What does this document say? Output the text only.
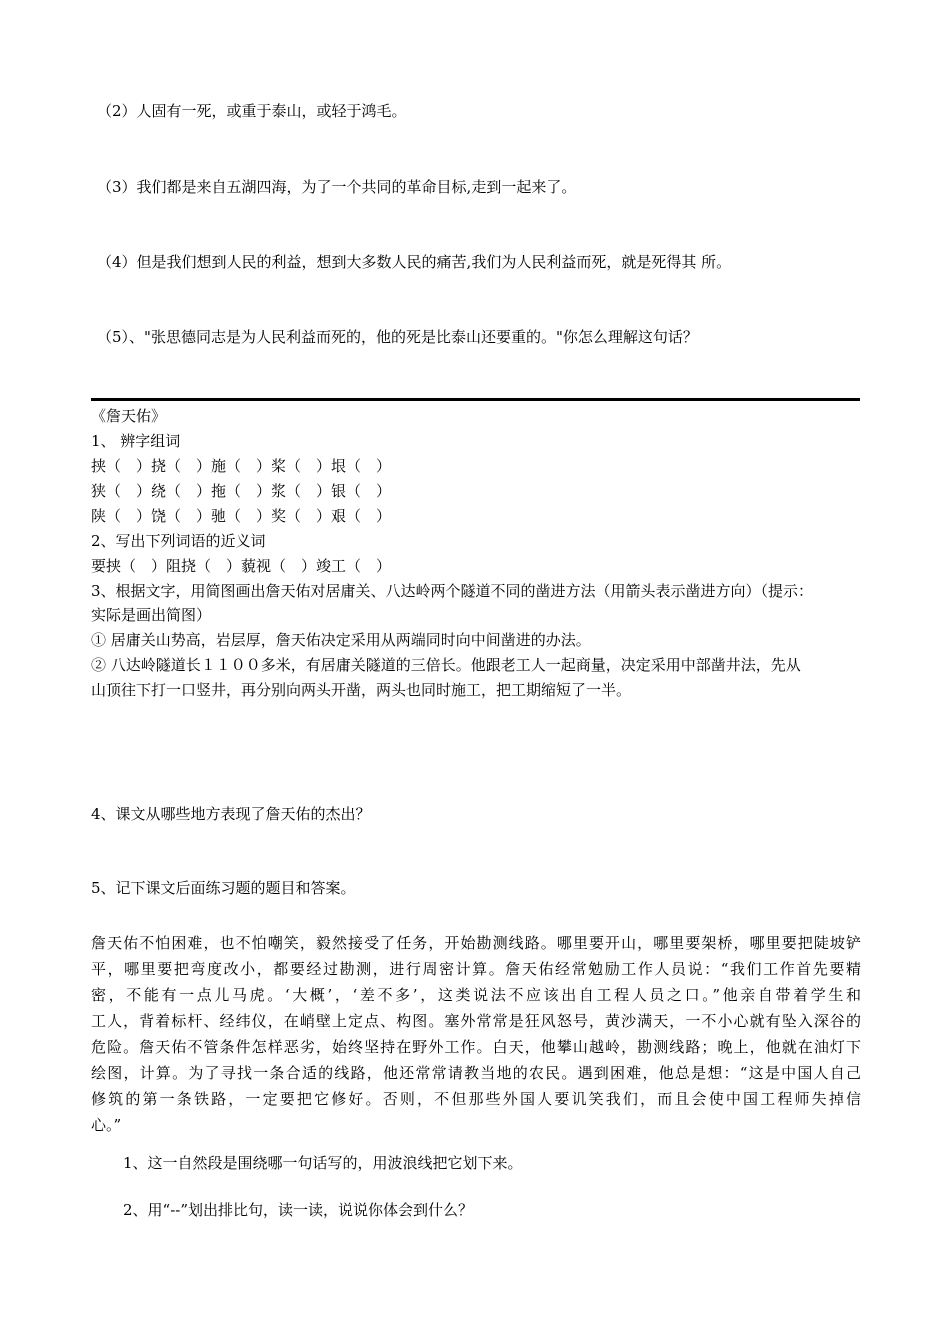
（2）人固有一死，或重于泰山，或轻于鸿毛。
（3）我们都是来自五湖四海，为了一个共同的革命目标,走到一起来了。
（4）但是我们想到人民的利益，想到大多数人民的痛苦,我们为人民利益而死，就是死得其 所。
（5）、"张思德同志是为人民利益而死的，他的死是比泰山还要重的。"你怎么理解这句话？
《詹天佑》
1、 辨字组词
挟（　）挠（　）施（　）桨（　）垠（　）
狭（　）绕（　）拖（　）浆（　）银（　）
陕（　）饶（　）驰（　）奖（　）艰（　）
2、写出下列词语的近义词
要挟（　）阻挠（　）藐视（　）竣工（　）
3、根据文字，用简图画出詹天佑对居庸关、八达岭两个隧道不同的凿进方法（用箭头表示凿进方向）（提示：
实际是画出简图）
① 居庸关山势高，岩层厚，詹天佑决定采用从两端同时向中间凿进的办法。
② 八达岭隧道长１１００多米，有居庸关隧道的三倍长。他跟老工人一起商量，决定采用中部凿井法，先从
山顶往下打一口竖井，再分别向两头开凿，两头也同时施工，把工期缩短了一半。
4、课文从哪些地方表现了詹天佑的杰出？
5、记下课文后面练习题的题目和答案。
詹天佑不怕困难，也不怕嘲笑，毅然接受了任务，开始勘测线路。哪里要开山，哪里要架桥，哪里要把陡坡铲
平，哪里要把弯度改小，都要经过勘测，进行周密计算。詹天佑经常勉励工作人员说：“我们工作首先要精
密，不能有一点儿马虎。‘大概’，‘差不多’，这类说法不应该出自工程人员之口。”他亲自带着学生和
工人，背着标杆、经纬仪，在峭壁上定点、构图。塞外常常是狂风怒号，黄沙满天，一不小心就有坠入深谷的
危险。詹天佑不管条件怎样恶劣，始终坚持在野外工作。白天，他攀山越岭，勘测线路；晚上，他就在油灯下
绘图，计算。为了寻找一条合适的线路，他还常常请教当地的农民。遇到困难，他总是想：“这是中国人自己
修筑的第一条铁路，一定要把它修好。否则，不但那些外国人要讥笑我们，而且会使中国工程师失掉信
心。”
1、这一自然段是围绕哪一句话写的，用波浪线把它划下来。
2、用“--”划出排比句，读一读，说说你体会到什么？
